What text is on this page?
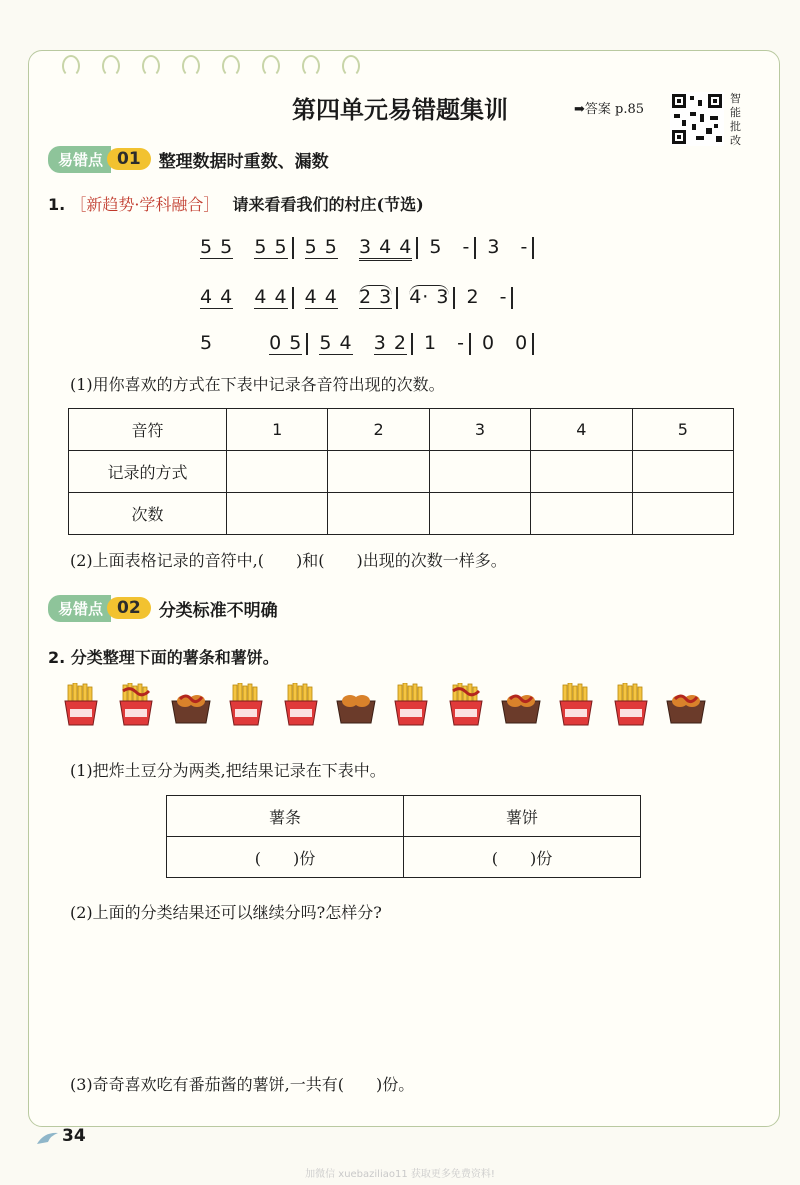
第四单元易错题集训	➡答案 p.85
智能批改
易错点 01	整理数据时重数、漏数
1. ［新趋势·学科融合］ 请来看看我们的村庄(节选)
5 5 5 5 5 5 3 4 4 5　- 3　-
4 4 4 4 4 4 2 3 4· 3 2　-
5	0 5 5 4 3 2 1　- 0　0
(1)用你喜欢的方式在下表中记录各音符出现的次数。
音符	1	2	3	4	5
记录的方式					
次数					
(2)上面表格记录的音符中,(　　)和(　　)出现的次数一样多。
易错点 02	分类标准不明确
2. 分类整理下面的薯条和薯饼。
(1)把炸土豆分为两类,把结果记录在下表中。
薯条	薯饼
(　　)份	(　　)份
(2)上面的分类结果还可以继续分吗?怎样分?
(3)奇奇喜欢吃有番茄酱的薯饼,一共有(　　)份。
34
加微信 xuebaziliao11 获取更多免费资料!
